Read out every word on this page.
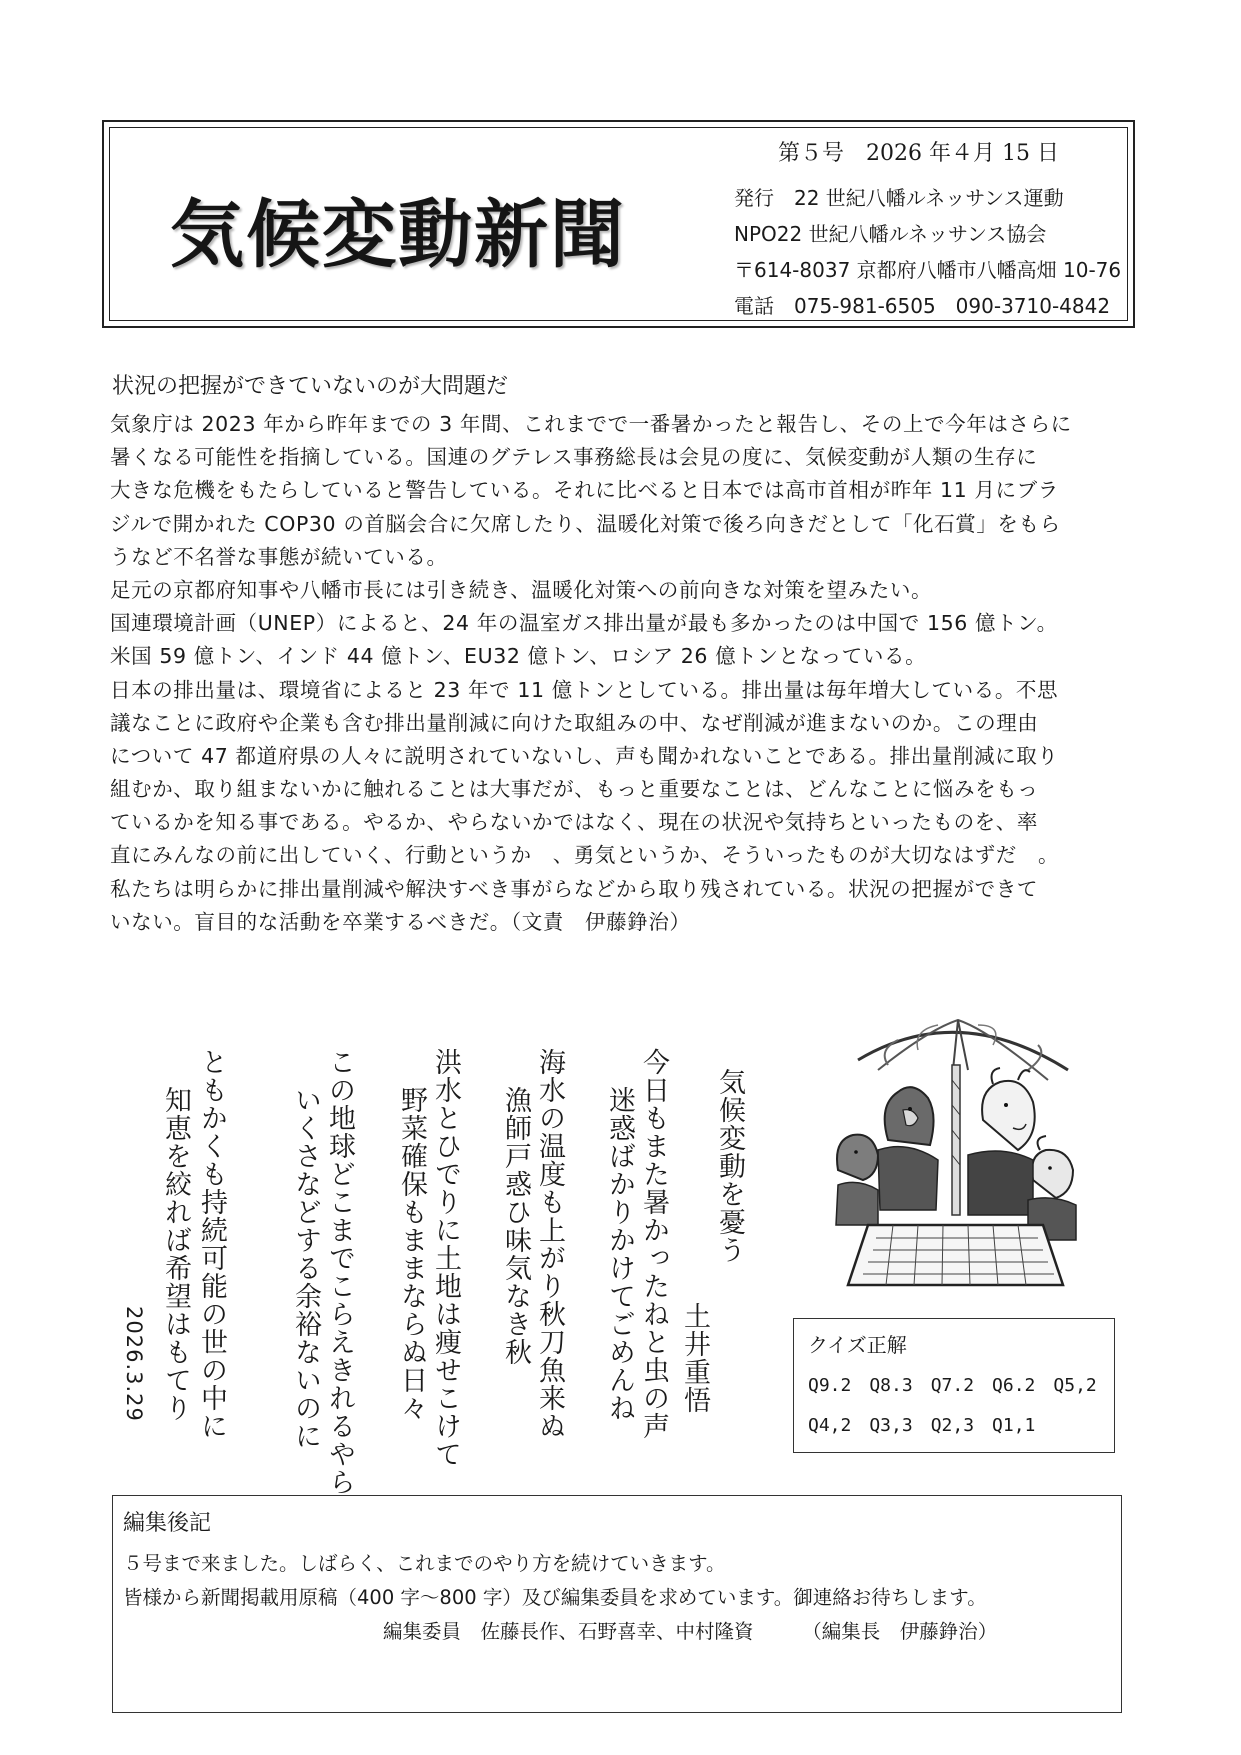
気候変動新聞
第５号　2026 年４月 15 日
発行　22 世紀八幡ルネッサンス運動
NPO22 世紀八幡ルネッサンス協会
〒614-8037 京都府八幡市八幡高畑 10-76
電話　075-981-6505　090-3710-4842
状況の把握ができていないのが大問題だ
気象庁は 2023 年から昨年までの 3 年間、これまでで一番暑かったと報告し、その上で今年はさらに
暑くなる可能性を指摘している。国連のグテレス事務総長は会見の度に、気候変動が人類の生存に
大きな危機をもたらしていると警告している。それに比べると日本では高市首相が昨年 11 月にブラ
ジルで開かれた COP30 の首脳会合に欠席したり、温暖化対策で後ろ向きだとして「化石賞」をもら
うなど不名誉な事態が続いている。
足元の京都府知事や八幡市長には引き続き、温暖化対策への前向きな対策を望みたい。
国連環境計画（UNEP）によると、24 年の温室ガス排出量が最も多かったのは中国で 156 億トン。
米国 59 億トン、インド 44 億トン、EU32 億トン、ロシア 26 億トンとなっている。
日本の排出量は、環境省によると 23 年で 11 億トンとしている。排出量は毎年増大している。不思
議なことに政府や企業も含む排出量削減に向けた取組みの中、なぜ削減が進まないのか。この理由
について 47 都道府県の人々に説明されていないし、声も聞かれないことである。排出量削減に取り
組むか、取り組まないかに触れることは大事だが、もっと重要なことは、どんなことに悩みをもっ
ているかを知る事である。やるか、やらないかではなく、現在の状況や気持ちといったものを、率
直にみんなの前に出していく、行動というか　、勇気というか、そういったものが大切なはずだ　。
私たちは明らかに排出量削減や解決すべき事がらなどから取り残されている。状況の把握ができて
いない。盲目的な活動を卒業するべきだ。（文責　伊藤錚治）
気候変動を憂う
土井重悟
今日もまた暑かったねと虫の声
迷惑ばかりかけてごめんね
海水の温度も上がり秋刀魚来ぬ
漁師戸惑ひ味気なき秋
洪水とひでりに土地は痩せこけて
野菜確保もままならぬ日々
この地球どこまでこらえきれるやら
いくさなどする余裕ないのに
ともかくも持続可能の世の中に
知恵を絞れば希望はもてり
2026.3.29	クイズ正解
Q9.2　Q8.3　Q7.2　Q6.2　Q5,2
Q4,2　Q3,3　Q2,3　Q1,1
編集後記
５号まで来ました。しばらく、これまでのやり方を続けていきます。
皆様から新聞掲載用原稿（400 字～800 字）及び編集委員を求めています。御連絡お待ちします。
編集委員　佐藤長作、石野喜幸、中村隆資　　　（編集長　伊藤錚治）
